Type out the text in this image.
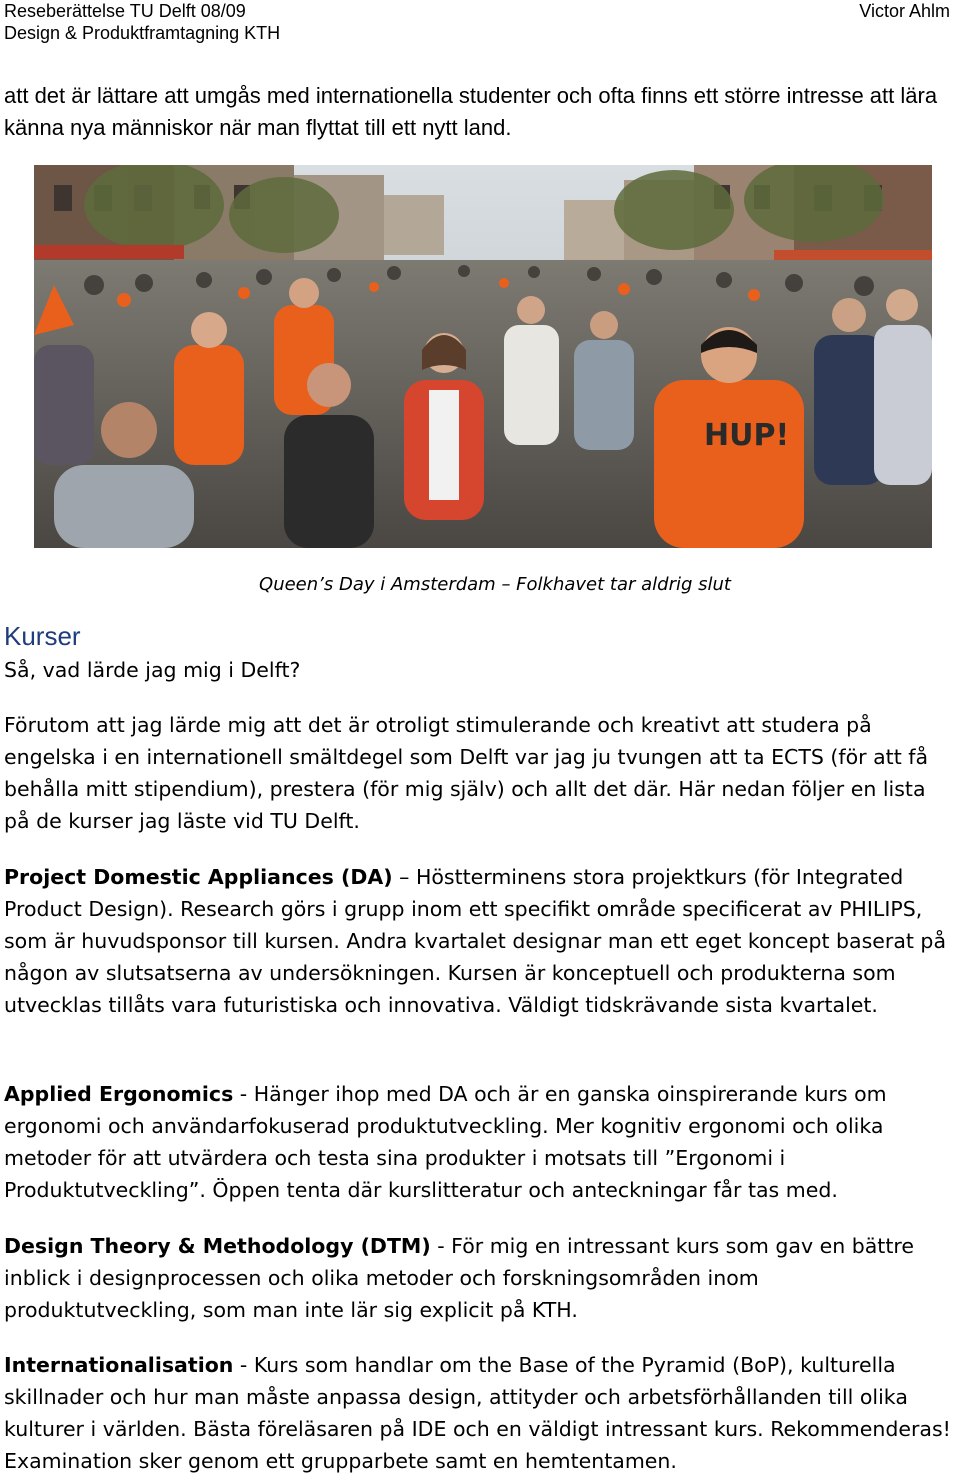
Reseberättelse TU Delft 08/09
Design & Produktframtagning KTH
Victor Ahlm

att det är lättare att umgås med internationella studenter och ofta finns ett större intresse att lära känna nya människor när man flyttat till ett nytt land.

HUP!
Queen’s Day i Amsterdam – Folkhavet tar aldrig slut
Kurser
Så, vad lärde jag mig i Delft?

Förutom att jag lärde mig att det är otroligt stimulerande och kreativt att studera på engelska i en internationell smältdegel som Delft var jag ju tvungen att ta ECTS (för att få behålla mitt stipendium), prestera (för mig själv) och allt det där. Här nedan följer en lista på de kurser jag läste vid TU Delft.

Project Domestic Appliances (DA) – Höstterminens stora projektkurs (för Integrated Product Design). Research görs i grupp inom ett specifikt område specificerat av PHILIPS, som är huvudsponsor till kursen. Andra kvartalet designar man ett eget koncept baserat på någon av slutsatserna av undersökningen. Kursen är konceptuell och produkterna som utvecklas tillåts vara futuristiska och innovativa. Väldigt tidskrävande sista kvartalet.

Applied Ergonomics - Hänger ihop med DA och är en ganska oinspirerande kurs om ergonomi och användarfokuserad produktutveckling. Mer kognitiv ergonomi och olika metoder för att utvärdera och testa sina produkter i motsats till ”Ergonomi i Produktutveckling”. Öppen tenta där kurslitteratur och anteckningar får tas med.

Design Theory & Methodology (DTM) - För mig en intressant kurs som gav en bättre inblick i designprocessen och olika metoder och forskningsområden inom produktutveckling, som man inte lär sig explicit på KTH.

Internationalisation - Kurs som handlar om the Base of the Pyramid (BoP), kulturella skillnader och hur man måste anpassa design, attityder och arbetsförhållanden till olika kulturer i världen. Bästa föreläsaren på IDE och en väldigt intressant kurs. Rekommenderas! Examination sker genom ett grupparbete samt en hemtentamen.
